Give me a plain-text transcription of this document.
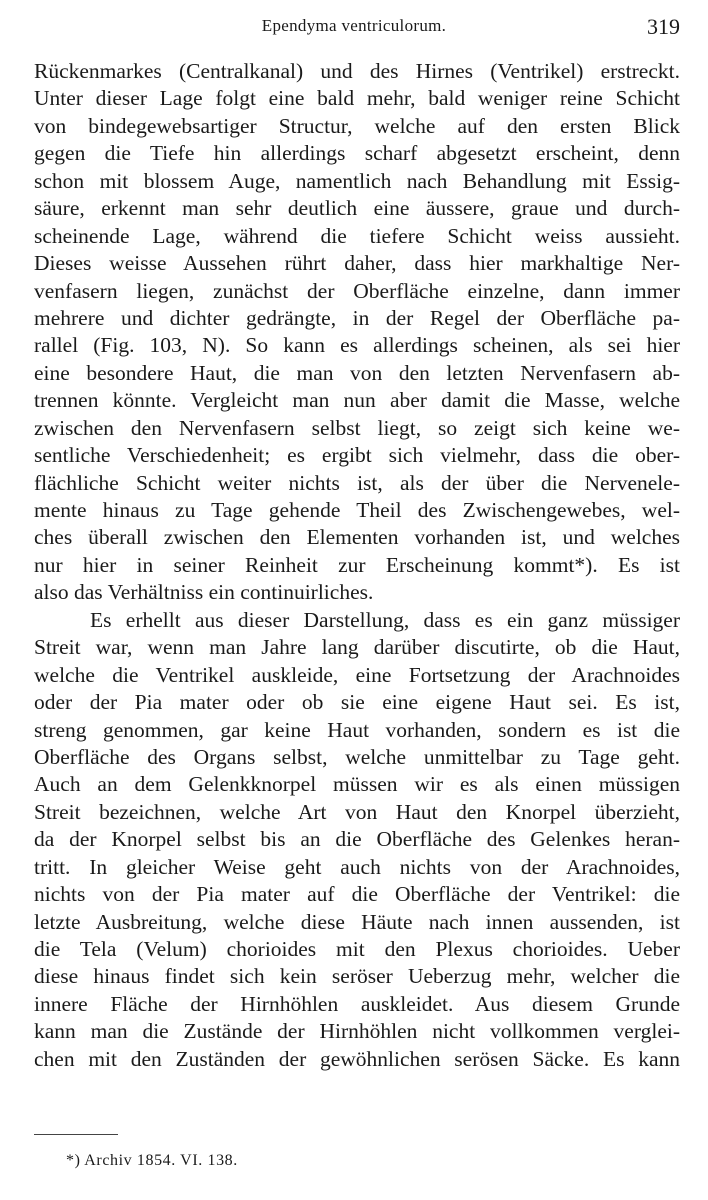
Ependyma ventriculorum.	319
Rückenmarkes (Centralkanal) und des Hirnes (Ventrikel) erstreckt.
Unter dieser Lage folgt eine bald mehr, bald weniger reine Schicht
von bindegewebsartiger Structur, welche auf den ersten Blick
gegen die Tiefe hin allerdings scharf abgesetzt erscheint, denn
schon mit blossem Auge, namentlich nach Behandlung mit Essig-
säure, erkennt man sehr deutlich eine äussere, graue und durch-
scheinende Lage, während die tiefere Schicht weiss aussieht.
Dieses weisse Aussehen rührt daher, dass hier markhaltige Ner-
venfasern liegen, zunächst der Oberfläche einzelne, dann immer
mehrere und dichter gedrängte, in der Regel der Oberfläche pa-
rallel (Fig. 103, N). So kann es allerdings scheinen, als sei hier
eine besondere Haut, die man von den letzten Nervenfasern ab-
trennen könnte. Vergleicht man nun aber damit die Masse, welche
zwischen den Nervenfasern selbst liegt, so zeigt sich keine we-
sentliche Verschiedenheit; es ergibt sich vielmehr, dass die ober-
flächliche Schicht weiter nichts ist, als der über die Nervenele-
mente hinaus zu Tage gehende Theil des Zwischengewebes, wel-
ches überall zwischen den Elementen vorhanden ist, und welches
nur hier in seiner Reinheit zur Erscheinung kommt*). Es ist
also das Verhältniss ein continuirliches.
Es erhellt aus dieser Darstellung, dass es ein ganz müssiger
Streit war, wenn man Jahre lang darüber discutirte, ob die Haut,
welche die Ventrikel auskleide, eine Fortsetzung der Arachnoides
oder der Pia mater oder ob sie eine eigene Haut sei. Es ist,
streng genommen, gar keine Haut vorhanden, sondern es ist die
Oberfläche des Organs selbst, welche unmittelbar zu Tage geht.
Auch an dem Gelenkknorpel müssen wir es als einen müssigen
Streit bezeichnen, welche Art von Haut den Knorpel überzieht,
da der Knorpel selbst bis an die Oberfläche des Gelenkes heran-
tritt. In gleicher Weise geht auch nichts von der Arachnoides,
nichts von der Pia mater auf die Oberfläche der Ventrikel: die
letzte Ausbreitung, welche diese Häute nach innen aussenden, ist
die Tela (Velum) chorioides mit den Plexus chorioides. Ueber
diese hinaus findet sich kein seröser Ueberzug mehr, welcher die
innere Fläche der Hirnhöhlen auskleidet. Aus diesem Grunde
kann man die Zustände der Hirnhöhlen nicht vollkommen verglei-
chen mit den Zuständen der gewöhnlichen serösen Säcke. Es kann
*) Archiv 1854. VI. 138.
